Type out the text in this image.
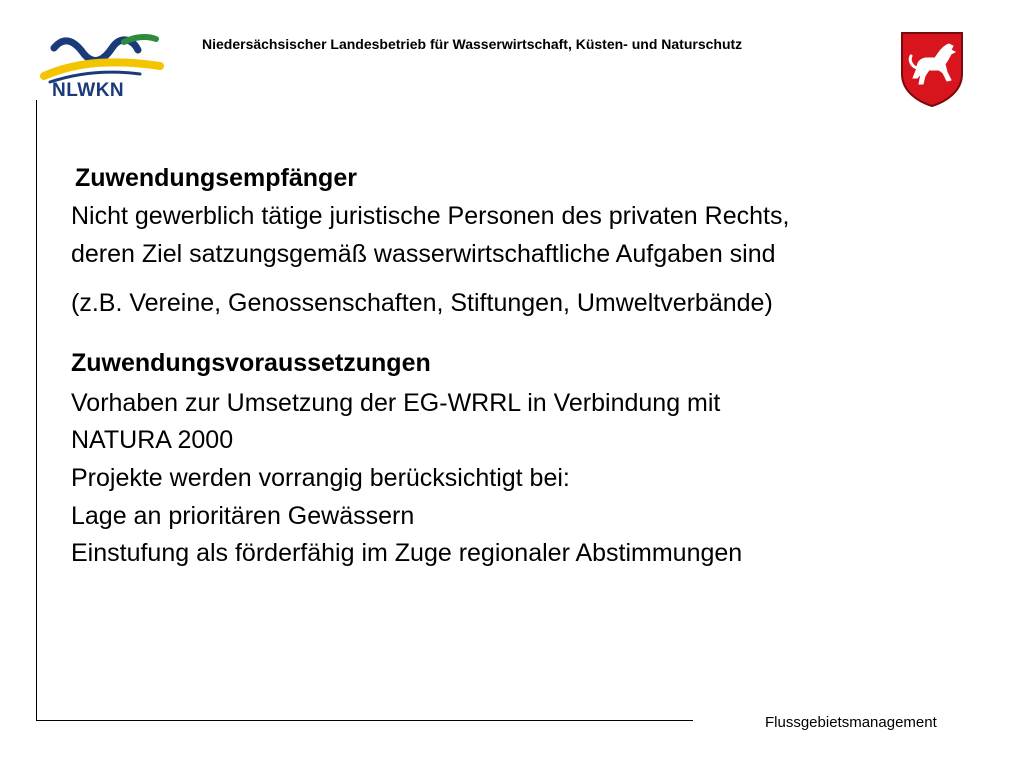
NLWKN
Niedersächsischer Landesbetrieb für Wasserwirtschaft, Küsten- und Naturschutz
Zuwendungsempfänger
Nicht gewerblich tätige juristische Personen des privaten Rechts,
deren Ziel satzungsgemäß wasserwirtschaftliche Aufgaben sind
(z.B. Vereine, Genossenschaften, Stiftungen, Umweltverbände)
Zuwendungsvoraussetzungen
Vorhaben zur Umsetzung der EG-WRRL in Verbindung mit
NATURA 2000
Projekte werden vorrangig berücksichtigt bei:
Lage an prioritären Gewässern
Einstufung als förderfähig im Zuge regionaler Abstimmungen
Flussgebietsmanagement
